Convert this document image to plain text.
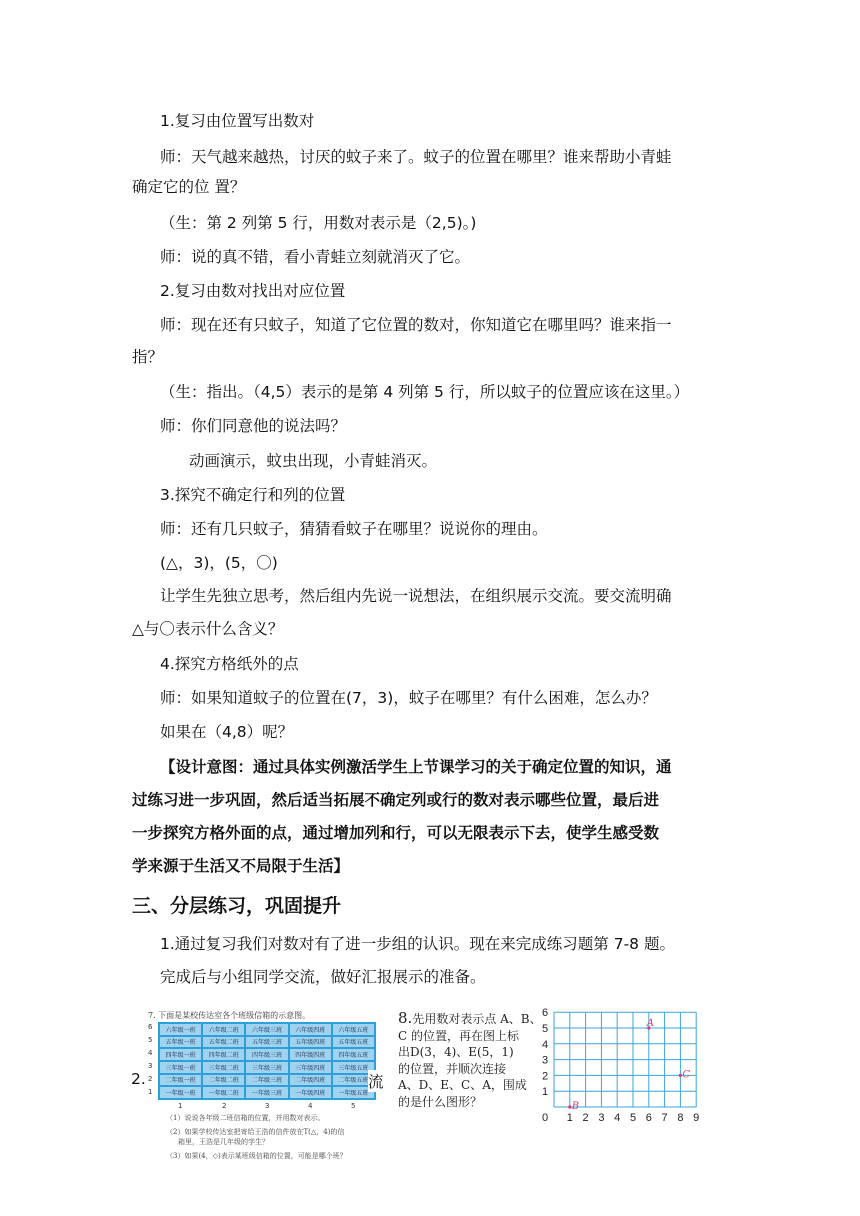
1.复习由位置写出数对
师：天气越来越热，讨厌的蚊子来了。蚊子的位置在哪里？谁来帮助小青蛙
确定它的位 置？
（生：第 2 列第 5 行，用数对表示是（2,5)。)
师：说的真不错，看小青蛙立刻就消灭了它。
2.复习由数对找出对应位置
师：现在还有只蚊子，知道了它位置的数对，你知道它在哪里吗？谁来指一
指？
（生：指出。（4,5）表示的是第 4 列第 5 行，所以蚊子的位置应该在这里。）
师：你们同意他的说法吗？
动画演示，蚊虫出现，小青蛙消灭。
3.探究不确定行和列的位置
师：还有几只蚊子，猜猜看蚊子在哪里？说说你的理由。
(△，3)，(5，〇)
让学生先独立思考，然后组内先说一说想法，在组织展示交流。要交流明确
△与〇表示什么含义？
4.探究方格纸外的点
师：如果知道蚊子的位置在(7，3)，蚊子在哪里？有什么困难，怎么办？
如果在（4,8）呢？
【设计意图：通过具体实例激活学生上节课学习的关于确定位置的知识，通
过练习进一步巩固，然后适当拓展不确定列或行的数对表示哪些位置，最后进
一步探究方格外面的点，通过增加列和行，可以无限表示下去，使学生感受数
学来源于生活又不局限于生活】
三、分层练习，巩固提升
1.通过复习我们对数对有了进一步组的认识。现在来完成练习题第 7-8 题。
完成后与小组同学交流，做好汇报展示的准备。
2.
7. 下面是某校传达室各个班级信箱的示意图。
6
5
4
3
2
1
六年级一班	六年级二班	六年级三班	六年级四班	六年级五班
五年级一班	五年级二班	五年级三班	五年级四班	五年级五班
四年级一班	四年级二班	四年级三班	四年级四班	四年级五班
三年级一班	三年级二班	三年级三班	三年级四班	三年级五班
二年级一班	二年级二班	二年级三班	二年级四班	二年级五班
一年级一班	一年级二班	一年级三班	一年级四班	一年级五班
1	2	3	4	5
（1）说说各年级二班信箱的位置，并用数对表示。
（2）如果学校传达室把寄给王浩的信件放在T(△，4)的信
箱里，王浩是几年级的学生？
（3）如果(4，◇)表示某班级信箱的位置，可能是哪个班？
流
8.先用数对表示点 A、B、
C 的位置，再在图上标
出D(3，4)、E(5，1)
的位置，并顺次连接
A、D、E、C、A，围成
的是什么图形？
0 1 2 3 4 5 6 7 8 9
1
2
3
4
5
6
A
B
C
